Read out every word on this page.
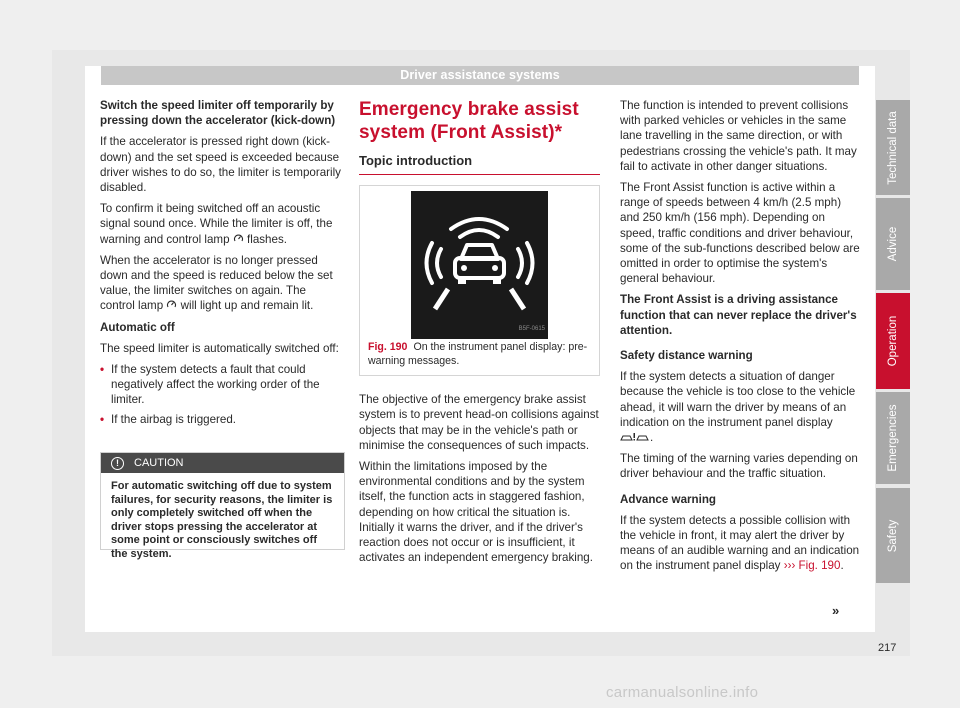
Driver assistance systems

Switch the speed limiter off temporarily by pressing down the accelerator (kick-down)

If the accelerator is pressed right down (kick-down) and the set speed is exceeded because driver wishes to do so, the limiter is temporarily disabled.

To confirm it being switched off an acoustic signal sound once. While the limiter is off, the warning and control lamp flashes.

When the accelerator is no longer pressed down and the speed is reduced below the set value, the limiter switches on again. The control lamp will light up and remain lit.

Automatic off

The speed limiter is automatically switched off:

• If the system detects a fault that could negatively affect the working order of the limiter.
• If the airbag is triggered.
! CAUTION
For automatic switching off due to system failures, for security reasons, the limiter is only completely switched off when the driver stops pressing the accelerator at some point or consciously switches off the system.
Emergency brake assist system (Front Assist)*
Topic introduction
B5F-0615
Fig. 190 On the instrument panel display: pre-warning messages.

The objective of the emergency brake assist system is to prevent head-on collisions against objects that may be in the vehicle's path or minimise the consequences of such impacts.

Within the limitations imposed by the environmental conditions and by the system itself, the function acts in staggered fashion, depending on how critical the situation is. Initially it warns the driver, and if the driver's reaction does not occur or is insufficient, it activates an independent emergency braking.

The function is intended to prevent collisions with parked vehicles or vehicles in the same lane travelling in the same direction, or with pedestrians crossing the vehicle's path. It may fail to activate in other danger situations.

The Front Assist function is active within a range of speeds between 4 km/h (2.5 mph) and 250 km/h (156 mph). Depending on speed, traffic conditions and driver behaviour, some of the sub-functions described below are omitted in order to optimise the system's general behaviour.

The Front Assist is a driving assistance function that can never replace the driver's attention.

Safety distance warning

If the system detects a situation of danger because the vehicle is too close to the vehicle ahead, it will warn the driver by means of an indication on the instrument panel display .

The timing of the warning varies depending on driver behaviour and the traffic situation.

Advance warning

If the system detects a possible collision with the vehicle in front, it may alert the driver by means of an audible warning and an indication on the instrument panel display ››› Fig. 190.

»
Technical data
Advice
Operation
Emergencies
Safety
217
carmanualsonline.info
